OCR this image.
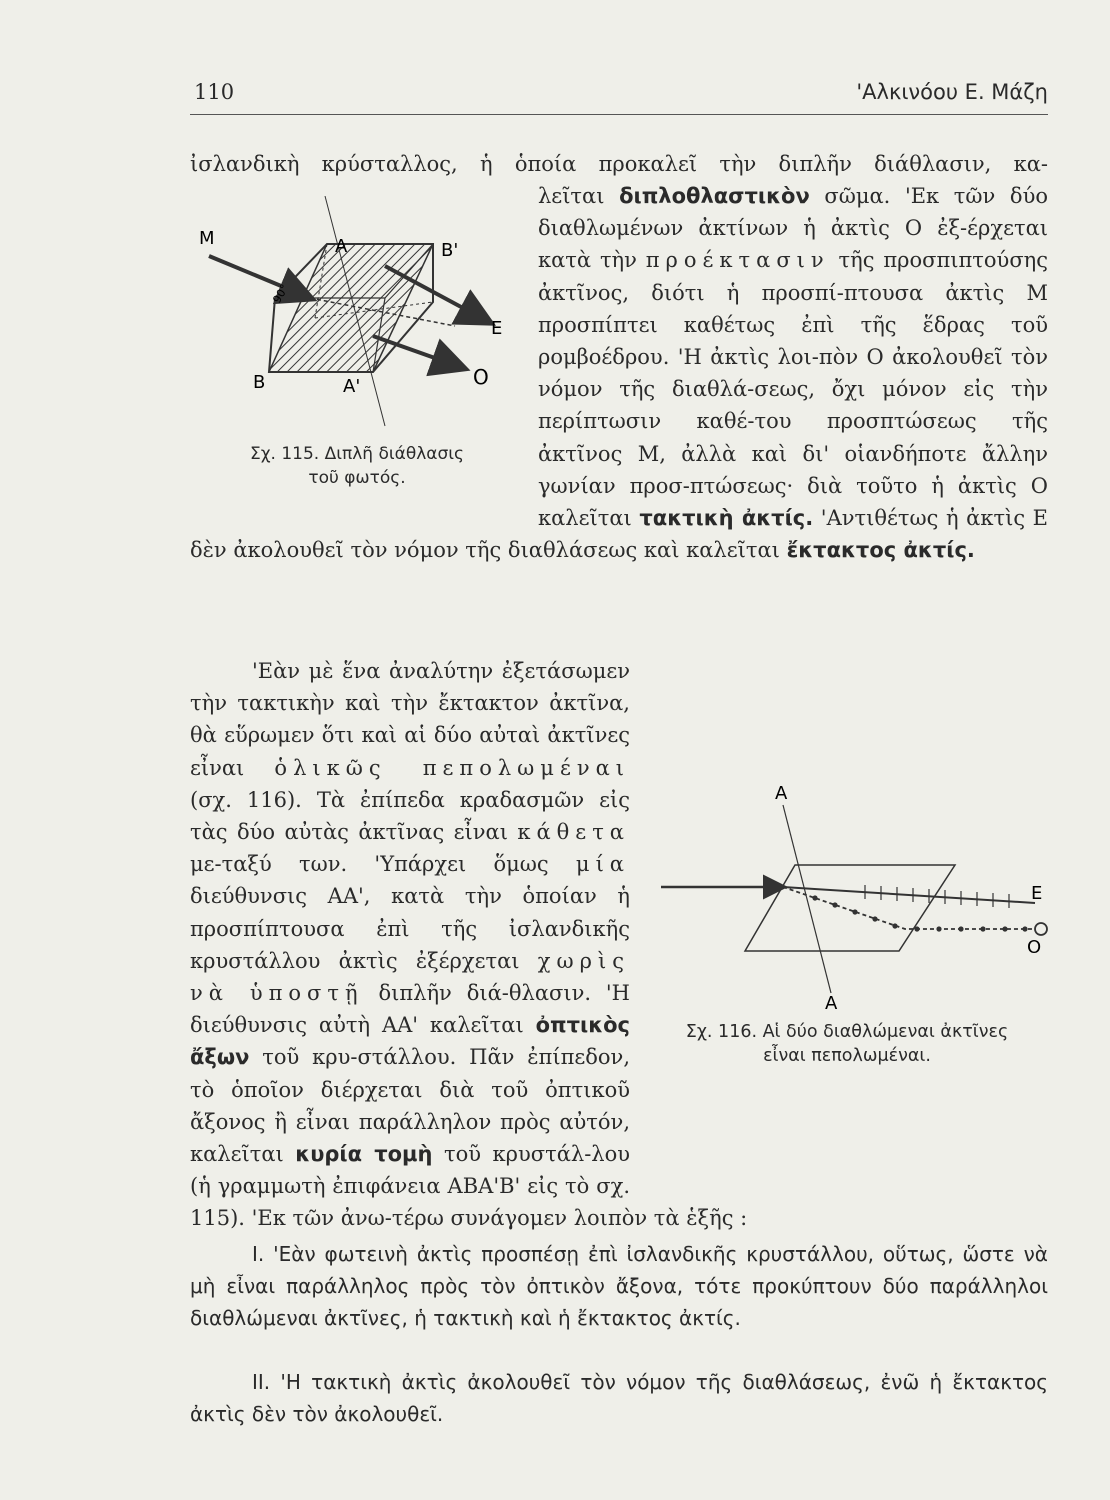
110	'Αλκινόου Ε. Μάζη

ἰσλανδικὴ κρύσταλλος, ἡ ὁποία προκαλεῖ τὴν διπλῆν διάθλασιν, κα-

λεῖται διπλοθλαστικὸν σῶμα. 'Εκ τῶν δύο διαθλωμένων ἀκτίνων ἡ ἀκτὶς Ο ἐξ-έρχεται κατὰ τὴν προέκτασιν τῆς προσπιπτούσης ἀκτῖνος, διότι ἡ προσπί-πτουσα ἀκτὶς Μ προσπίπτει καθέτως ἐπὶ τῆς ἕδρας τοῦ ρομβοέδρου. 'Η ἀκτὶς λοι-πὸν Ο ἀκολουθεῖ τὸν νόμον τῆς διαθλά-σεως, ὄχι μόνον εἰς τὴν περίπτωσιν καθέ-του προσπτώσεως τῆς ἀκτῖνος Μ, ἀλλὰ καὶ δι' οἱανδήποτε ἄλλην γωνίαν προσ-πτώσεως· διὰ τοῦτο ἡ ἀκτὶς Ο καλεῖται τακτικὴ ἀκτίς. 'Αντιθέτως ἡ ἀκτὶς Ε δὲν ἀκολουθεῖ τὸν νόμον τῆς διαθλάσεως καὶ καλεῖται ἔκτακτος ἀκτίς.

Μ	Α	Β'
Β	Α'
Ε
Ο
90°

Σχ. 115. Διπλῆ διάθλασις
τοῦ φωτός.

'Εὰν μὲ ἕνα ἀναλύτην ἐξετάσωμεν τὴν τακτικὴν καὶ τὴν ἔκτακτον ἀκτῖνα, θὰ εὕρωμεν ὅτι καὶ αἱ δύο αὐταὶ ἀκτῖνες εἶναι ὁλικῶς πεπολωμέναι (σχ. 116). Τὰ ἐπίπεδα κραδασμῶν εἰς τὰς δύο αὐτὰς ἀκτῖνας εἶναι κάθετα με-ταξύ των. 'Υπάρχει ὅμως μία διεύθυνσις ΑΑ', κατὰ τὴν ὁποίαν ἡ προσπίπτουσα ἐπὶ τῆς ἰσλανδικῆς κρυστάλλου ἀκτὶς ἐξέρχεται χωρὶς νὰ ὑποστῇ διπλῆν διά-θλασιν. 'Η διεύθυνσις αὐτὴ ΑΑ' καλεῖται ὀπτικὸς ἄξων τοῦ κρυ-στάλλου. Πᾶν ἐπίπεδον, τὸ ὁποῖον διέρχεται διὰ τοῦ ὀπτικοῦ ἄξονος ἢ εἶναι παράλληλον πρὸς αὐτόν, καλεῖται κυρία τομὴ τοῦ κρυστάλ-λου (ἡ γραμμωτὴ ἐπιφάνεια ΑΒΑ'Β' εἰς τὸ σχ. 115). 'Εκ τῶν ἀνω-τέρω συνάγομεν λοιπὸν τὰ ἑξῆς :

Α
Α
Ε
Ο

Σχ. 116. Αἱ δύο διαθλώμεναι ἀκτῖνες
εἶναι πεπολωμέναι.

Ι. 'Εὰν φωτεινὴ ἀκτὶς προσπέσῃ ἐπὶ ἰσλανδικῆς κρυστάλλου, οὕτως, ὥστε νὰ μὴ εἶναι παράλληλος πρὸς τὸν ὀπτικὸν ἄξονα, τότε προκύπτουν δύο παράλληλοι διαθλώμεναι ἀκτῖνες, ἡ τακτικὴ καὶ ἡ ἔκτακτος ἀκτίς.

ΙΙ. 'Η τακτικὴ ἀκτὶς ἀκολουθεῖ τὸν νόμον τῆς διαθλάσεως, ἐνῶ ἡ ἔκτακτος ἀκτὶς δὲν τὸν ἀκολουθεῖ.
